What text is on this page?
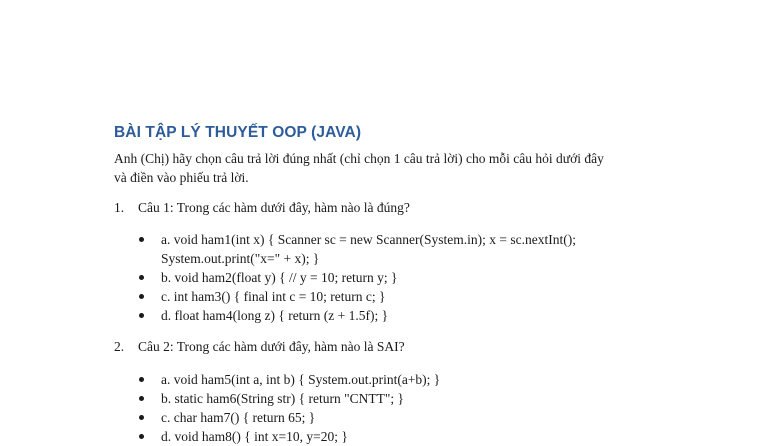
BÀI TẬP LÝ THUYẾT OOP (JAVA)
Anh (Chị) hãy chọn câu trả lời đúng nhất (chỉ chọn 1 câu trả lời) cho mỗi câu hỏi dưới đây
và điền vào phiếu trả lời.
1. Câu 1: Trong các hàm dưới đây, hàm nào là đúng?
a. void ham1(int x) { Scanner sc = new Scanner(System.in); x = sc.nextInt();
System.out.print("x=" + x); }
b. void ham2(float y) { // y = 10; return y; }
c. int ham3() { final int c = 10; return c; }
d. float ham4(long z) { return (z + 1.5f); }
2. Câu 2: Trong các hàm dưới đây, hàm nào là SAI?
a. void ham5(int a, int b) { System.out.print(a+b); }
b. static ham6(String str) { return "CNTT"; }
c. char ham7() { return 65; }
d. void ham8() { int x=10, y=20; }
